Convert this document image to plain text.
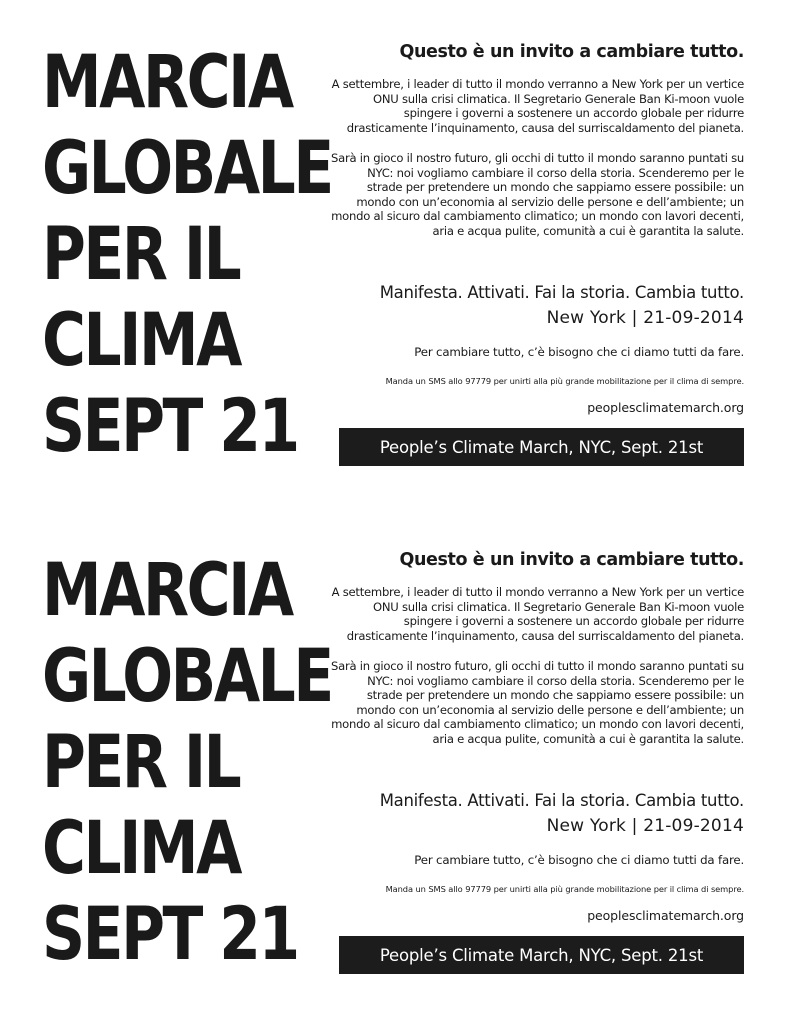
MARCIA
GLOBALE
PER IL
CLIMA
SEPT 21
Questo è un invito a cambiare tutto.
A settembre, i leader di tutto il mondo verranno a New York per un vertice ONU sulla crisi climatica. Il Segretario Generale Ban Ki-moon vuole spingere i governi a sostenere un accordo globale per ridurre drasticamente l’inquinamento, causa del surriscaldamento del pianeta.
Sarà in gioco il nostro futuro, gli occhi di tutto il mondo saranno puntati su NYC: noi vogliamo cambiare il corso della storia. Scenderemo per le strade per pretendere un mondo che sappiamo essere possibile: un mondo con un’economia al servizio delle persone e dell’ambiente; un mondo al sicuro dal cambiamento climatico; un mondo con lavori decenti, aria e acqua pulite, comunità a cui è garantita la salute.
Manifesta. Attivati. Fai la storia. Cambia tutto.
New York | 21-09-2014
Per cambiare tutto, c’è bisogno che ci diamo tutti da fare.
Manda un SMS allo 97779 per unirti alla più grande mobilitazione per il clima di sempre.
peoplesclimatemarch.org
People’s Climate March, NYC, Sept. 21st
MARCIA
GLOBALE
PER IL
CLIMA
SEPT 21
Questo è un invito a cambiare tutto.
A settembre, i leader di tutto il mondo verranno a New York per un vertice ONU sulla crisi climatica. Il Segretario Generale Ban Ki-moon vuole spingere i governi a sostenere un accordo globale per ridurre drasticamente l’inquinamento, causa del surriscaldamento del pianeta.
Sarà in gioco il nostro futuro, gli occhi di tutto il mondo saranno puntati su NYC: noi vogliamo cambiare il corso della storia. Scenderemo per le strade per pretendere un mondo che sappiamo essere possibile: un mondo con un’economia al servizio delle persone e dell’ambiente; un mondo al sicuro dal cambiamento climatico; un mondo con lavori decenti, aria e acqua pulite, comunità a cui è garantita la salute.
Manifesta. Attivati. Fai la storia. Cambia tutto.
New York | 21-09-2014
Per cambiare tutto, c’è bisogno che ci diamo tutti da fare.
Manda un SMS allo 97779 per unirti alla più grande mobilitazione per il clima di sempre.
peoplesclimatemarch.org
People’s Climate March, NYC, Sept. 21st
